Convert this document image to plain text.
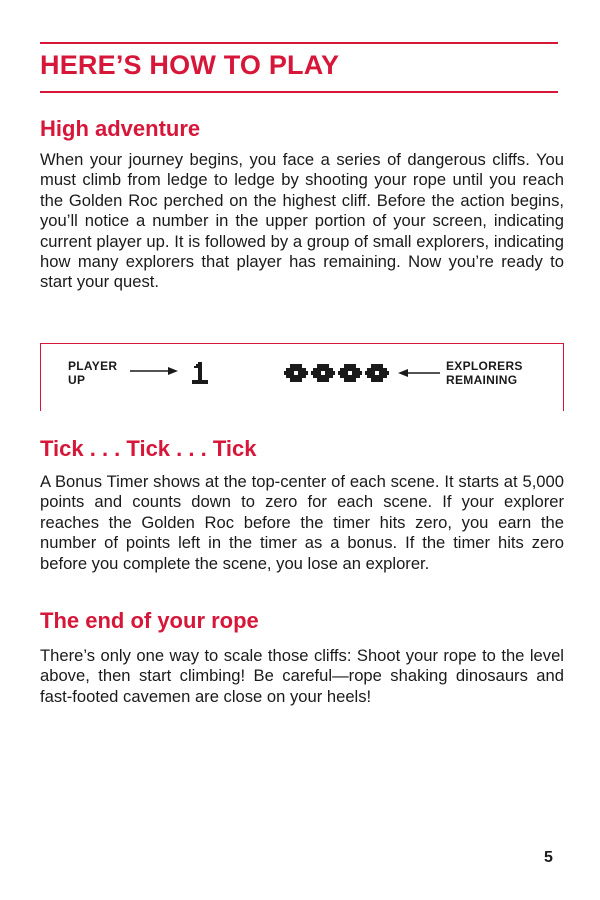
HERE’S HOW TO PLAY
High adventure

When your journey begins, you face a series of dangerous cliffs. You must climb from ledge to ledge by shooting your rope until you reach the Golden Roc perched on the highest cliff. Before the action begins, you’ll notice a number in the upper portion of your screen, indicating current player up. It is followed by a group of small explorers, indicating how many explorers that player has remaining. Now you’re ready to start your quest.

PLAYER
UP
EXPLORERS
REMAINING
Tick . . . Tick . . . Tick

A Bonus Timer shows at the top-center of each scene. It starts at 5,000 points and counts down to zero for each scene. If your explorer reaches the Golden Roc before the timer hits zero, you earn the number of points left in the timer as a bonus. If the timer hits zero before you complete the scene, you lose an explorer.

The end of your rope

There’s only one way to scale those cliffs: Shoot your rope to the level above, then start climbing! Be careful—rope shaking dinosaurs and fast-footed cavemen are close on your heels!

5
